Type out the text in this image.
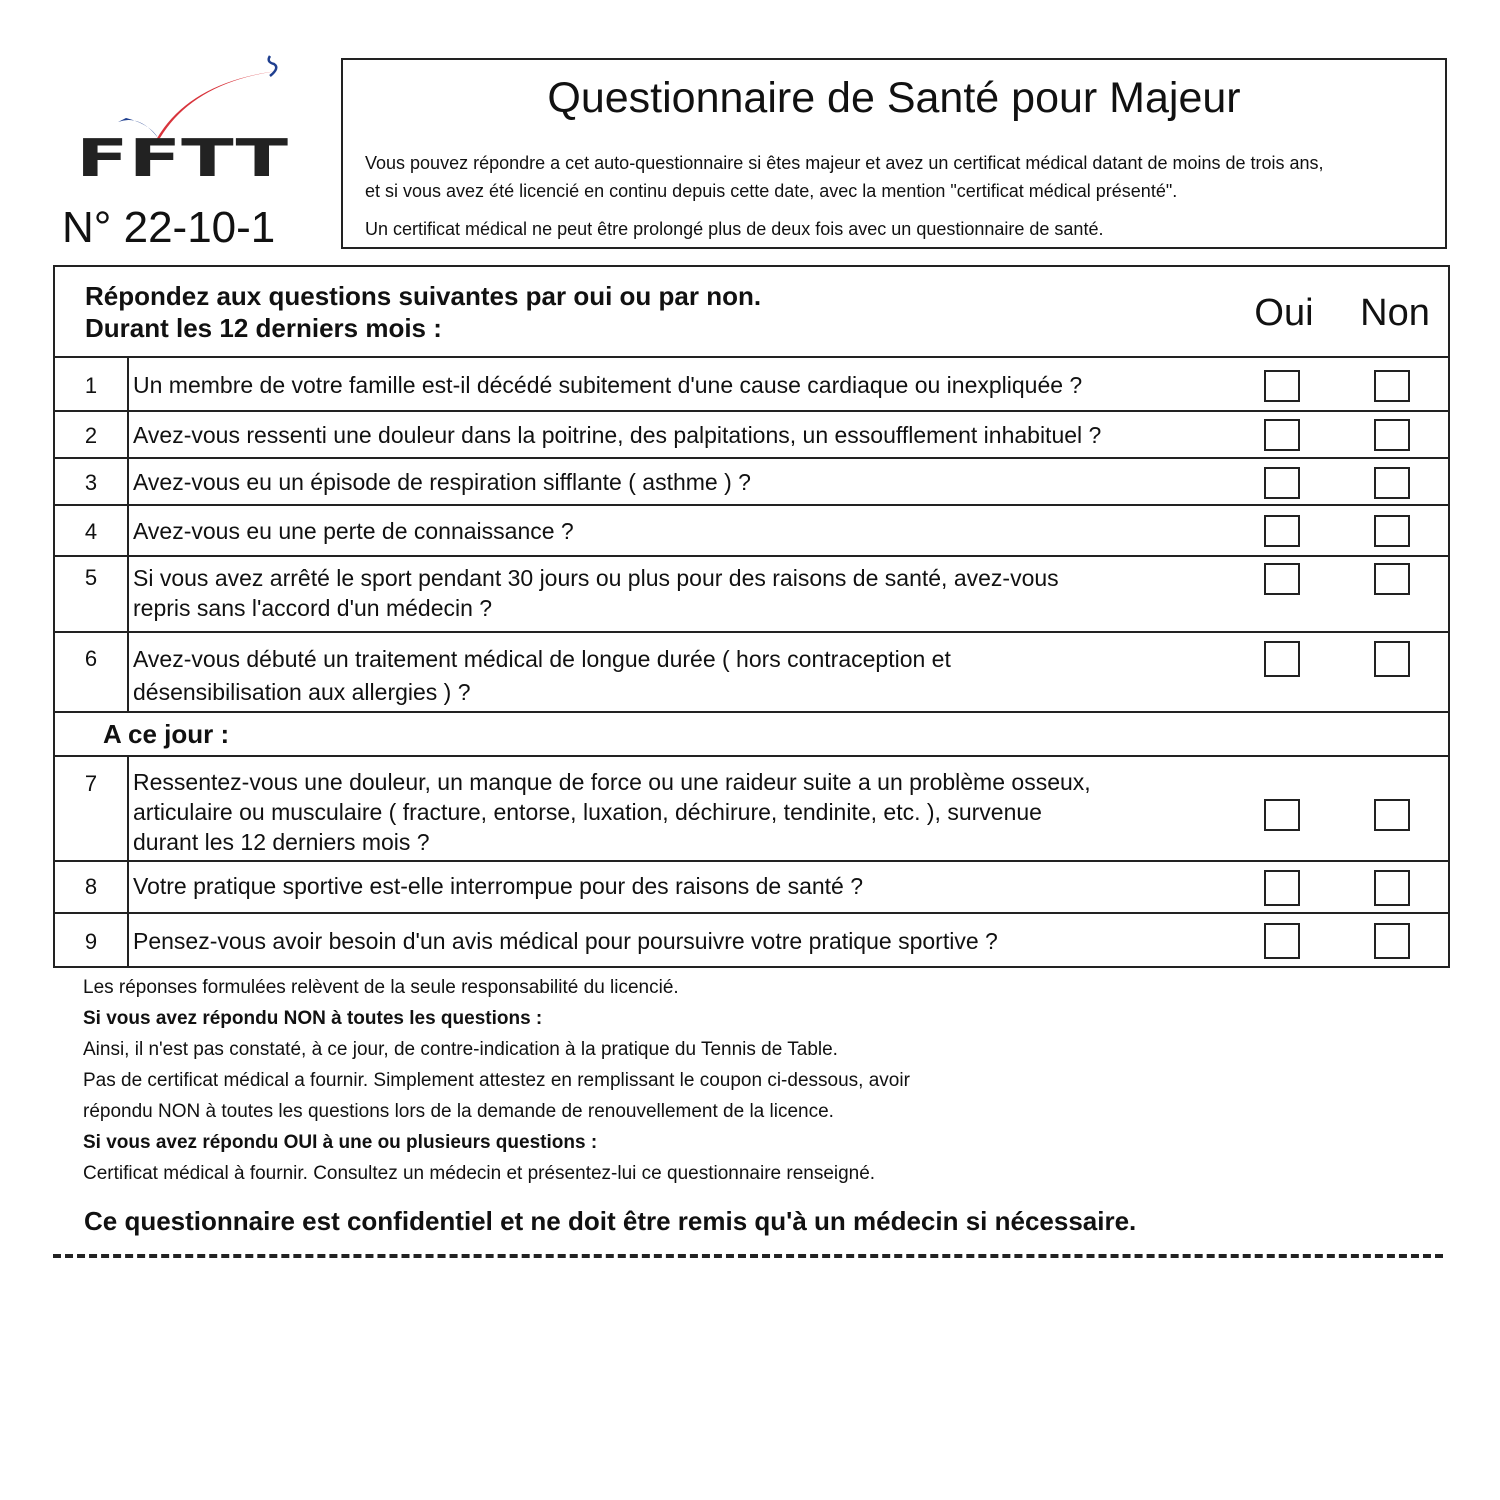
FFTT
N° 22-10-1
Questionnaire de Santé pour Majeur
Vous pouvez répondre a cet auto-questionnaire si êtes majeur et avez un certificat médical datant de moins de trois ans,
et si vous avez été licencié en continu depuis cette date, avec la mention "certificat médical présenté".
Un certificat médical ne peut être prolongé plus de deux fois avec un questionnaire de santé.
Répondez aux questions suivantes par oui ou par non.
Durant les 12 derniers mois :	Oui	Non
1	Un membre de votre famille est-il décédé subitement d'une cause cardiaque ou inexpliquée ?
2	Avez-vous ressenti une douleur dans la poitrine, des palpitations, un essoufflement inhabituel ?
3	Avez-vous eu un épisode de respiration sifflante ( asthme ) ?
4	Avez-vous eu une perte de connaissance ?
5	Si vous avez arrêté le sport pendant 30 jours ou plus pour des raisons de santé, avez-vous
repris sans l'accord d'un médecin ?
6	Avez-vous débuté un traitement médical de longue durée ( hors contraception et
désensibilisation aux allergies ) ?
A ce jour :
7	Ressentez-vous une douleur, un manque de force ou une raideur suite a un problème osseux,
articulaire ou musculaire ( fracture, entorse, luxation, déchirure, tendinite, etc. ), survenue
durant les 12 derniers mois ?
8	Votre pratique sportive est-elle interrompue pour des raisons de santé ?
9	Pensez-vous avoir besoin d'un avis médical pour poursuivre votre pratique sportive ?
Les réponses formulées relèvent de la seule responsabilité du licencié.
Si vous avez répondu NON à toutes les questions :
Ainsi, il n'est pas constaté, à ce jour, de contre-indication à la pratique du Tennis de Table.
Pas de certificat médical a fournir. Simplement attestez en remplissant le coupon ci-dessous, avoir
répondu NON à toutes les questions lors de la demande de renouvellement de la licence.
Si vous avez répondu OUI à une ou plusieurs questions :
Certificat médical à fournir. Consultez un médecin et présentez-lui ce questionnaire renseigné.
Ce questionnaire est confidentiel et ne doit être remis qu'à un médecin si nécessaire.
